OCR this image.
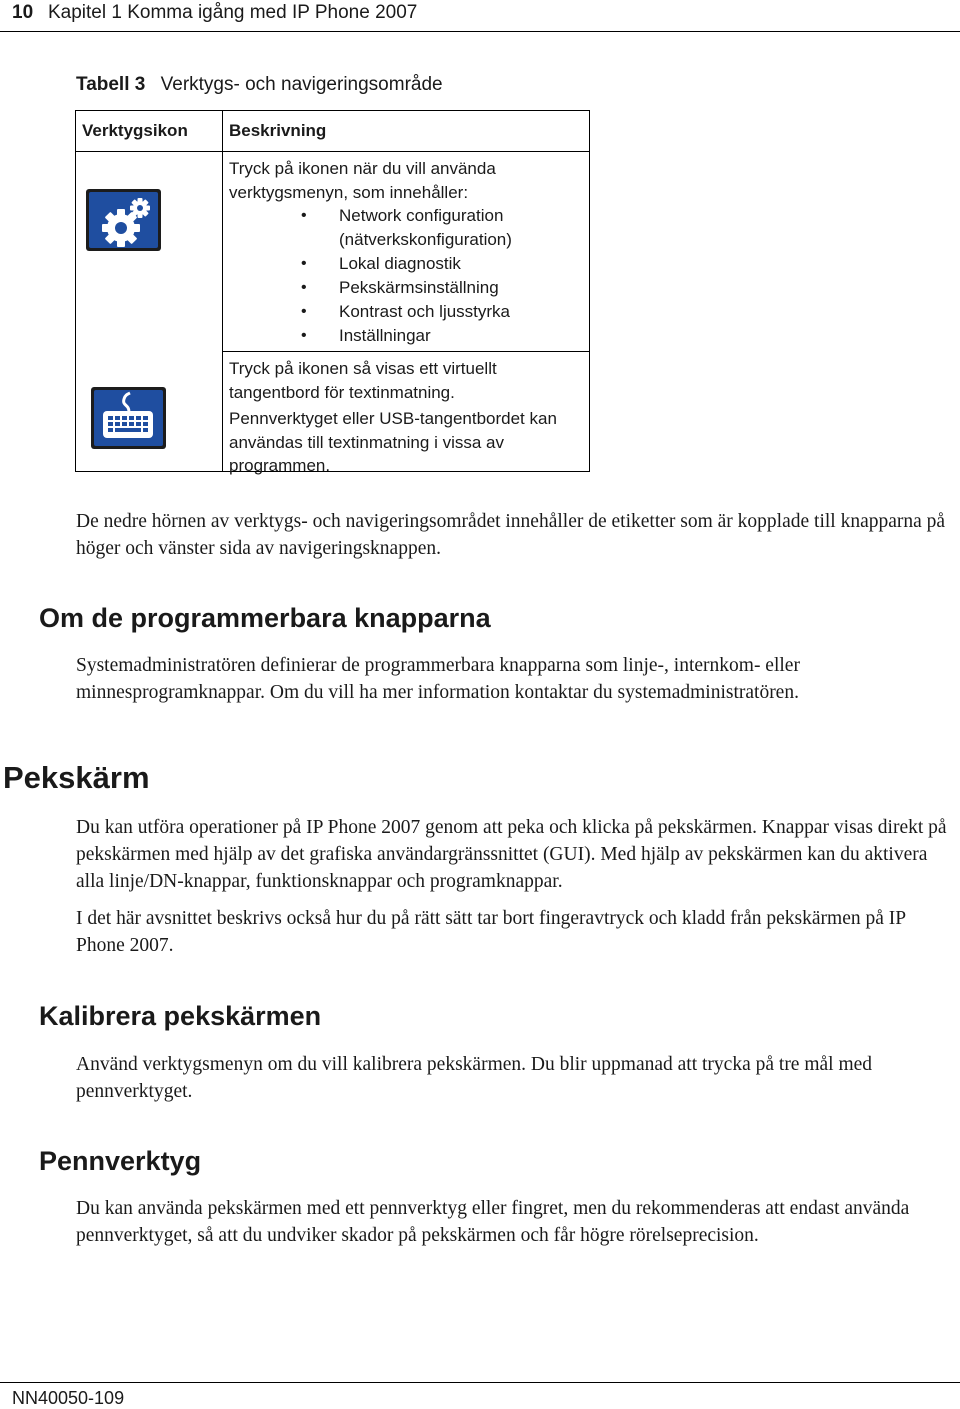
10 Kapitel 1 Komma igång med IP Phone 2007
Tabell 3 Verktygs- och navigeringsområde
Verktygsikon Beskrivning

Tryck på ikonen när du vill använda verktygsmenyn, som innehåller:

• Network configuration (nätverkskonfiguration)
• Lokal diagnostik
• Pekskärmsinställning
• Kontrast och ljusstyrka
• Inställningar

Tryck på ikonen så visas ett virtuellt tangentbord för textinmatning.

Pennverktyget eller USB-tangentbordet kan användas till textinmatning i vissa av programmen.

De nedre hörnen av verktygs- och navigeringsområdet innehåller de etiketter som är kopplade till knapparna på höger och vänster sida av navigeringsknappen.
Om de programmerbara knapparna
Systemadministratören definierar de programmerbara knapparna som linje-, internkom- eller minnesprogramknappar. Om du vill ha mer information kontaktar du systemadministratören.
Pekskärm
Du kan utföra operationer på IP Phone 2007 genom att peka och klicka på pekskärmen. Knappar visas direkt på pekskärmen med hjälp av det grafiska användargränssnittet (GUI). Med hjälp av pekskärmen kan du aktivera alla linje/DN-knappar, funktionsknappar och programknappar.
I det här avsnittet beskrivs också hur du på rätt sätt tar bort fingeravtryck och kladd från pekskärmen på IP Phone 2007.
Kalibrera pekskärmen
Använd verktygsmenyn om du vill kalibrera pekskärmen. Du blir uppmanad att trycka på tre mål med pennverktyget.
Pennverktyg
Du kan använda pekskärmen med ett pennverktyg eller fingret, men du rekommenderas att endast använda pennverktyget, så att du undviker skador på pekskärmen och får högre rörelseprecision.
NN40050-109
